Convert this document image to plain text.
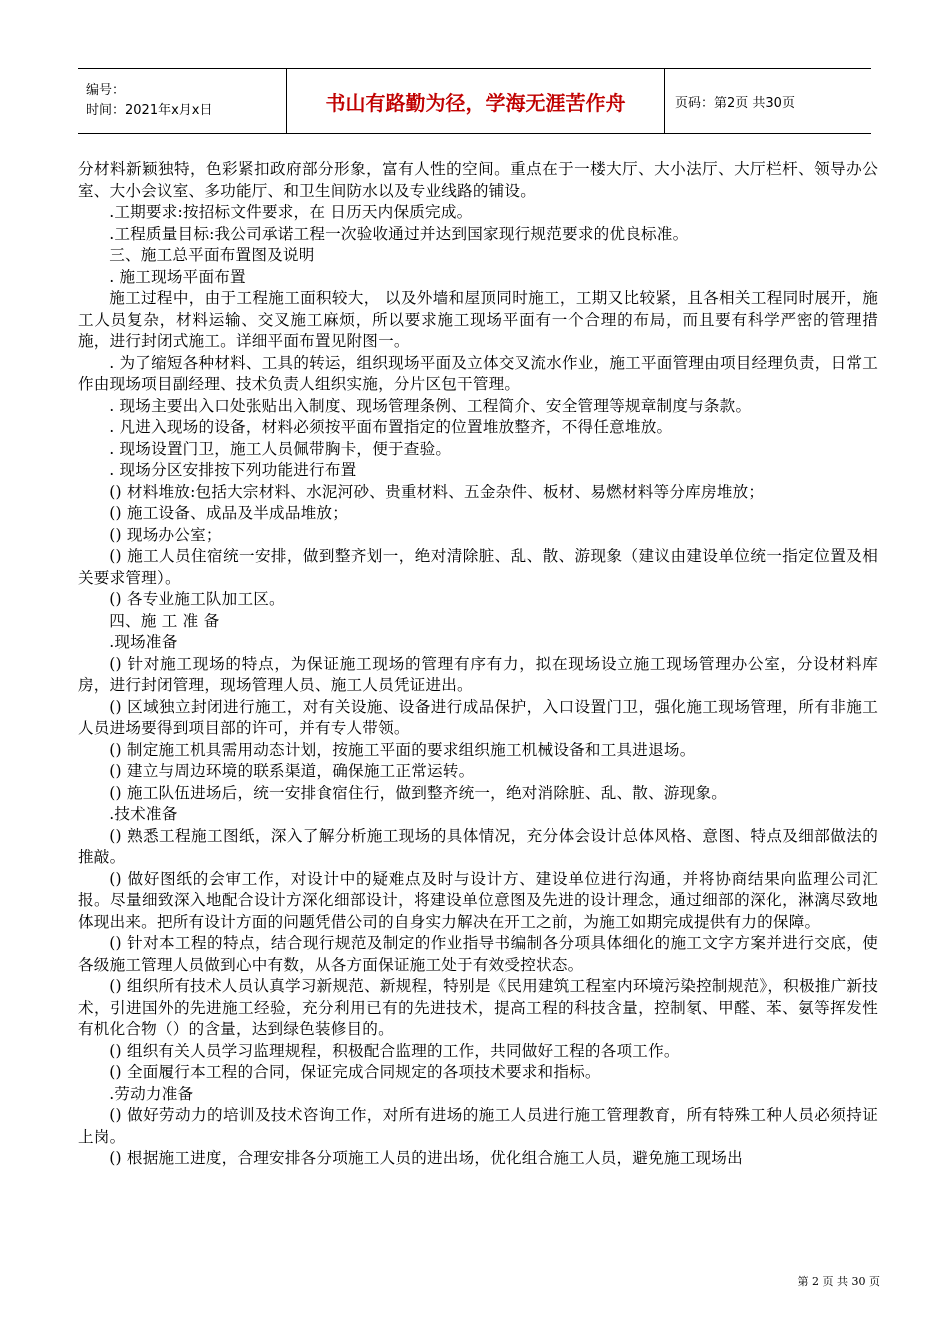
编号：
时间：2021年x月x日	书山有路勤为径，学海无涯苦作舟	页码：第2页 共30页

分材料新颖独特，色彩紧扣政府部分形象，富有人性的空间。重点在于一楼大厅、大小法厅、大厅栏杆、领导办公室、大小会议室、多功能厅、和卫生间防水以及专业线路的铺设。

.工期要求:按招标文件要求，在 日历天内保质完成。

.工程质量目标:我公司承诺工程一次验收通过并达到国家现行规范要求的优良标准。

三、施工总平面布置图及说明

. 施工现场平面布置

施工过程中，由于工程施工面积较大， 以及外墙和屋顶同时施工，工期又比较紧，且各相关工程同时展开，施工人员复杂，材料运输、交叉施工麻烦，所以要求施工现场平面有一个合理的布局，而且要有科学严密的管理措施，进行封闭式施工。详细平面布置见附图一。

. 为了缩短各种材料、工具的转运，组织现场平面及立体交叉流水作业，施工平面管理由项目经理负责，日常工作由现场项目副经理、技术负责人组织实施，分片区包干管理。

. 现场主要出入口处张贴出入制度、现场管理条例、工程简介、安全管理等规章制度与条款。

. 凡进入现场的设备，材料必须按平面布置指定的位置堆放整齐，不得任意堆放。

. 现场设置门卫，施工人员佩带胸卡，便于查验。

. 现场分区安排按下列功能进行布置

() 材料堆放:包括大宗材料、水泥河砂、贵重材料、五金杂件、板材、易燃材料等分库房堆放；

() 施工设备、成品及半成品堆放；

() 现场办公室；

() 施工人员住宿统一安排，做到整齐划一，绝对清除脏、乱、散、游现象（建议由建设单位统一指定位置及相关要求管理）。

() 各专业施工队加工区。

四、施 工 准 备

.现场准备

() 针对施工现场的特点，为保证施工现场的管理有序有力，拟在现场设立施工现场管理办公室，分设材料库房，进行封闭管理，现场管理人员、施工人员凭证进出。

() 区域独立封闭进行施工，对有关设施、设备进行成品保护，入口设置门卫，强化施工现场管理，所有非施工人员进场要得到项目部的许可，并有专人带领。

() 制定施工机具需用动态计划，按施工平面的要求组织施工机械设备和工具进退场。

() 建立与周边环境的联系渠道，确保施工正常运转。

() 施工队伍进场后，统一安排食宿住行，做到整齐统一，绝对消除脏、乱、散、游现象。

.技术准备

() 熟悉工程施工图纸，深入了解分析施工现场的具体情况，充分体会设计总体风格、意图、特点及细部做法的推敲。

() 做好图纸的会审工作，对设计中的疑难点及时与设计方、建设单位进行沟通，并将协商结果向监理公司汇报。尽量细致深入地配合设计方深化细部设计，将建设单位意图及先进的设计理念，通过细部的深化，淋漓尽致地体现出来。把所有设计方面的问题凭借公司的自身实力解决在开工之前，为施工如期完成提供有力的保障。

() 针对本工程的特点，结合现行规范及制定的作业指导书编制各分项具体细化的施工文字方案并进行交底，使各级施工管理人员做到心中有数，从各方面保证施工处于有效受控状态。

() 组织所有技术人员认真学习新规范、新规程，特别是《民用建筑工程室内环境污染控制规范》，积极推广新技术，引进国外的先进施工经验，充分利用已有的先进技术，提高工程的科技含量，控制氡、甲醛、苯、氨等挥发性有机化合物（）的含量，达到绿色装修目的。

() 组织有关人员学习监理规程，积极配合监理的工作，共同做好工程的各项工作。

() 全面履行本工程的合同，保证完成合同规定的各项技术要求和指标。

.劳动力准备

() 做好劳动力的培训及技术咨询工作，对所有进场的施工人员进行施工管理教育，所有特殊工种人员必须持证上岗。

() 根据施工进度，合理安排各分项施工人员的进出场，优化组合施工人员，避免施工现场出

第 2 页 共 30 页
